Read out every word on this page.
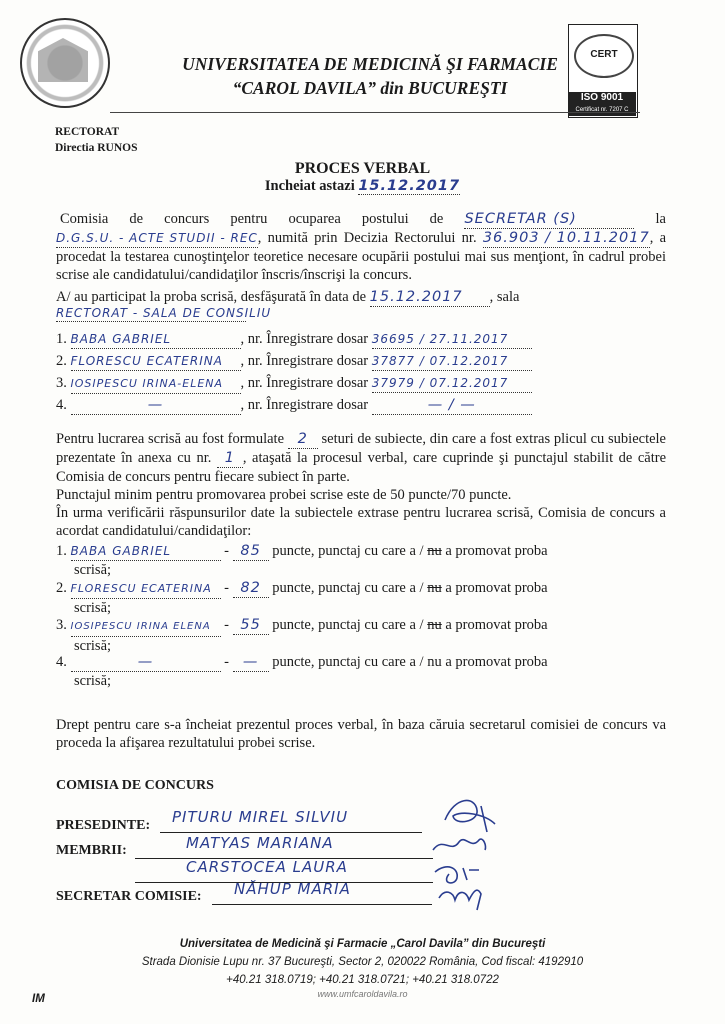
UNIVERSITATEA DE MEDICINĂ ŞI FARMACIE
“CAROL DAVILA” din BUCUREŞTI
CERT
ISO 9001
Certificat nr. 7207 C
RECTORAT
Directia RUNOS
PROCES VERBAL
Incheiat astazi 15.12.2017
Comisia de concurs pentru ocuparea postului de SECRETAR (S)	la D.G.S.U. - ACTE STUDII - REC, numită prin Decizia Rectorului nr. 36.903 / 10.11.2017, a procedat la testarea cunoştinţelor teoretice necesare ocupării postului mai sus menţiont, în cadrul probei scrise ale candidatului/candidaţilor înscris/înscrişi la concurs.
A/ au participat la proba scrisă, desfăşurată în data de 15.12.2017 , sala
RECTORAT - SALA DE CONSILIU
1. BABA GABRIEL	, nr. Înregistrare dosar 36695 / 27.11.2017
2. FLORESCU ECATERINA , nr. Înregistrare dosar 37877 / 07.12.2017
3. IOSIPESCU IRINA-ELENA , nr. Înregistrare dosar 37979 / 07.12.2017
4.	—	, nr. Înregistrare dosar	— / —
Pentru lucrarea scrisă au fost formulate 2 seturi de subiecte, din care a fost extras plicul cu subiectele prezentate în anexa cu nr. 1 , ataşată la procesul verbal, care cuprinde şi punctajul stabilit de către Comisia de concurs pentru fiecare subiect în parte.
Punctajul minim pentru promovarea probei scrise este de 50 puncte/70 puncte.
În urma verificării răspunsurilor date la subiectele extrase pentru lucrarea scrisă, Comisia de concurs a acordat candidatului/candidaţilor:
1. BABA GABRIEL	- 85 puncte, punctaj cu care a / nu a promovat proba
scrisă;
2. FLORESCU ECATERINA - 82 puncte, punctaj cu care a / nu a promovat proba
scrisă;
3. IOSIPESCU IRINA ELENA - 55 puncte, punctaj cu care a / nu a promovat proba
scrisă;
4.	—	- — puncte, punctaj cu care a / nu a promovat proba
scrisă;
Drept pentru care s-a încheiat prezentul proces verbal, în baza căruia secretarul comisiei de concurs va proceda la afişarea rezultatului probei scrise.
COMISIA DE CONCURS
PRESEDINTE: PITURU MIREL SILVIU
MEMBRII:	MATYAS MARIANA
CARSTOCEA LAURA
SECRETAR COMISIE: NĂHUP MARIA
Universitatea de Medicină şi Farmacie „Carol Davila” din Bucureşti
Strada Dionisie Lupu nr. 37 Bucureşti, Sector 2, 020022 România, Cod fiscal: 4192910
+40.21 318.0719; +40.21 318.0721; +40.21 318.0722
www.umfcaroldavila.ro
IM
